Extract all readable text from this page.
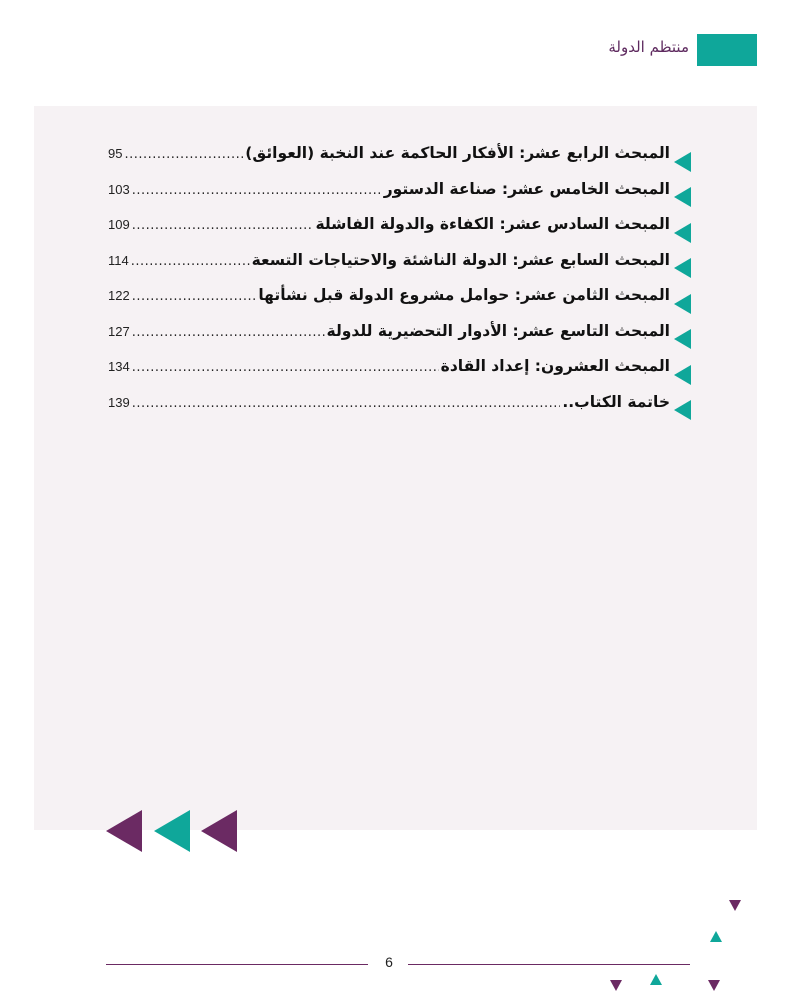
منتظم الدولة
المبحث الرابع عشر: الأفكار الحاكمة عند النخبة (العوائق)
.....
95
المبحث الخامس عشر: صناعة الدستور
.....
103
المبحث السادس عشر: الكفاءة والدولة الفاشلة
.....
109
المبحث السابع عشر: الدولة الناشئة والاحتياجات التسعة
.....
114
المبحث الثامن عشر: حوامل مشروع الدولة قبل نشأتها
.....
122
المبحث التاسع عشر: الأدوار التحضيرية للدولة
.....
127
المبحث العشرون: إعداد القادة
.....
134
خاتمة الكتاب..
.....
139
6
